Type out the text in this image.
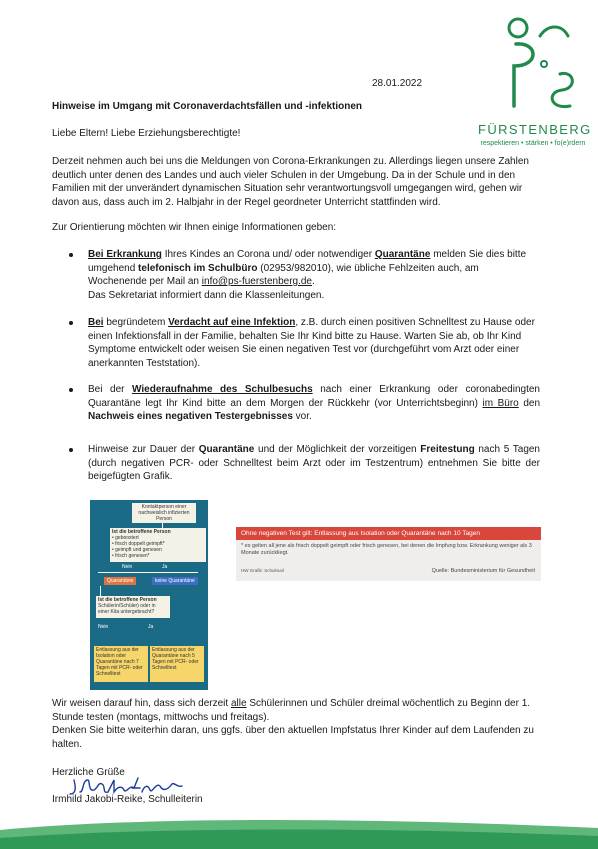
FÜRSTENBERG
respektieren • stärken • fo(e)rdern
28.01.2022
Hinweise im Umgang mit Coronaverdachtsfällen und -infektionen
Liebe Eltern! Liebe Erziehungsberechtigte!
Derzeit nehmen auch bei uns die Meldungen von Corona-Erkrankungen zu. Allerdings liegen unsere Zahlen deutlich unter denen des Landes und auch vieler Schulen in der Umgebung. Da in der Schule und in den Familien mit der unverändert dynamischen Situation sehr verantwortungsvoll umgegangen wird, gehen wir davon aus, dass auch im 2. Halbjahr in der Regel geordneter Unterricht stattfinden wird.
Zur Orientierung möchten wir Ihnen einige Informationen geben:
Bei Erkrankung Ihres Kindes an Corona und/ oder notwendiger Quarantäne melden Sie dies bitte umgehend telefonisch im Schulbüro (02953/982010), wie übliche Fehlzeiten auch, am Wochenende per Mail an info@ps-fuerstenberg.de.
Das Sekretariat informiert dann die Klassenleitungen.
Bei begründetem Verdacht auf eine Infektion, z.B. durch einen positiven Schnelltest zu Hause oder einen Infektionsfall in der Familie, behalten Sie Ihr Kind bitte zu Hause. Warten Sie ab, ob Ihr Kind Symptome entwickelt oder weisen Sie einen negativen Test vor (durchgeführt vom Arzt oder einer anerkannten Teststation).
Bei der Wiederaufnahme des Schulbesuchs nach einer Erkrankung oder coronabedingten Quarantäne legt Ihr Kind bitte an dem Morgen der Rückkehr (vor Unterrichtsbeginn) im Büro den Nachweis eines negativen Testergebnisses vor.
Hinweise zur Dauer der Quarantäne und der Möglichkeit der vorzeitigen Freitestung nach 5 Tagen (durch negativen PCR- oder Schnelltest beim Arzt oder im Testzentrum) entnehmen Sie bitte der beigefügten Grafik.
Kontaktperson einer nachweislich infizierten Person
Ist die betroffene Person
• geboostert
• frisch doppelt geimpft*
• geimpft und genesen
• frisch genesen*
Nein	Ja
Quarantäne	keine Quarantäne
Ist die betroffene Person
Schülerin/Schüler) oder in einer Kita untergebracht?
Nein	Ja
Entlassung aus der Isolation oder Quarantäne nach 7 Tagen mit PCR- oder Schnelltest
Entlassung aus der Quarantäne nach 5 Tagen mit PCR- oder Schnelltest
Ohne negativen Test gilt: Entlassung aus Isolation oder Quarantäne nach 10 Tagen
* es gelten all jene als frisch doppelt geimpft oder frisch genesen, bei denen die Impfung bzw. Erkrankung weniger als 3 Monate zurückliegt.
HW Grafik: Schulmail	Quelle: Bundesministerium für Gesundheit
Wir weisen darauf hin, dass sich derzeit alle Schülerinnen und Schüler dreimal wöchentlich zu Beginn der 1. Stunde testen (montags, mittwochs und freitags).
Denken Sie bitte weiterhin daran, uns ggfs. über den aktuellen Impfstatus Ihrer Kinder auf dem Laufenden zu halten.
Herzliche Grüße
Irmhild Jakobi-Reike, Schulleiterin
